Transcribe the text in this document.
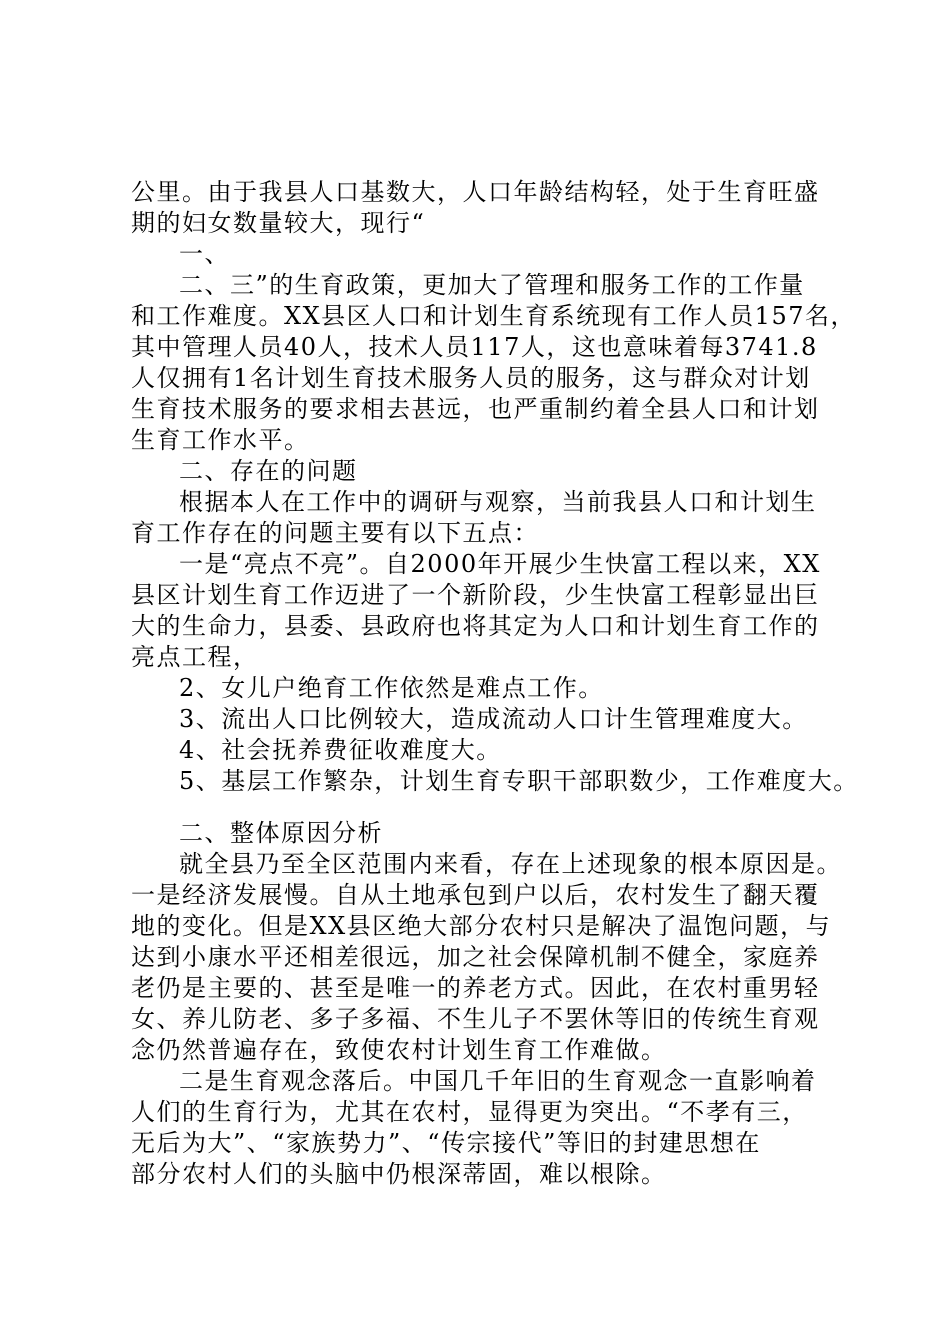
公里。由于我县人口基数大，人口年龄结构轻，处于生育旺盛
期的妇女数量较大，现行“
一、
二、三”的生育政策，更加大了管理和服务工作的工作量
和工作难度。XX县区人口和计划生育系统现有工作人员157名，
其中管理人员40人，技术人员117人，这也意味着每3741.8
人仅拥有1名计划生育技术服务人员的服务，这与群众对计划
生育技术服务的要求相去甚远，也严重制约着全县人口和计划
生育工作水平。
二、存在的问题
根据本人在工作中的调研与观察，当前我县人口和计划生
育工作存在的问题主要有以下五点：
一是“亮点不亮”。自2000年开展少生快富工程以来，XX
县区计划生育工作迈进了一个新阶段，少生快富工程彰显出巨
大的生命力，县委、县政府也将其定为人口和计划生育工作的
亮点工程，
2、女儿户绝育工作依然是难点工作。
3、流出人口比例较大，造成流动人口计生管理难度大。
4、社会抚养费征收难度大。
5、基层工作繁杂，计划生育专职干部职数少，工作难度大。
二、整体原因分析
就全县乃至全区范围内来看，存在上述现象的根本原因是。
一是经济发展慢。自从土地承包到户以后，农村发生了翻天覆
地的变化。但是XX县区绝大部分农村只是解决了温饱问题，与
达到小康水平还相差很远，加之社会保障机制不健全，家庭养
老仍是主要的、甚至是唯一的养老方式。因此，在农村重男轻
女、养儿防老、多子多福、不生儿子不罢休等旧的传统生育观
念仍然普遍存在，致使农村计划生育工作难做。
二是生育观念落后。中国几千年旧的生育观念一直影响着
人们的生育行为，尤其在农村，显得更为突出。“不孝有三，
无后为大”、“家族势力”、“传宗接代”等旧的封建思想在
部分农村人们的头脑中仍根深蒂固，难以根除。
